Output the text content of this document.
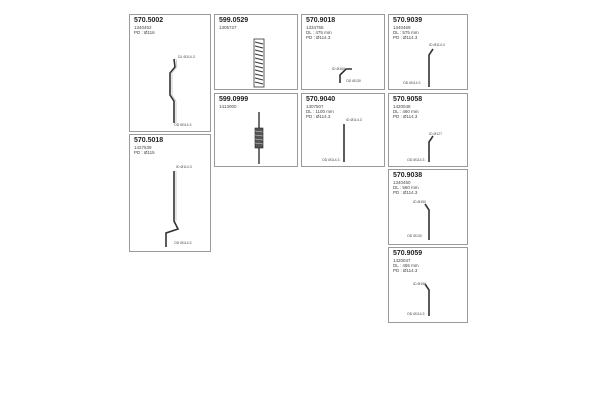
570.5002
1340462
PD : Ø116
D1 Ø114.3
OD Ø114.3
599.0529
1305727
570.9018
1334755
DL : 475 mm
PD : Ø114.3
ID Ø160
OD Ø130
570.9039
1340469
DL : 575 mm
PD : Ø114.3
ID Ø114.3
OD Ø114.3
599.0999
1413000
570.9040
1307507
DL : 1100 mm
PD : Ø114.3
ID Ø114.3
OD Ø114.3
570.9058
1420048
DL : 460 mm
PD : Ø114.3
ID Ø127
OD Ø114.3
570.5018
1427539
PD : Ø115
ID Ø114.3
OD Ø114.3
570.9038
1340450
DL : 560 mm
PD : Ø114.3
ID Ø150
OD Ø130
570.9059
1420047
DL : 465 mm
PD : Ø114.3
ID Ø150
OD Ø114.3
